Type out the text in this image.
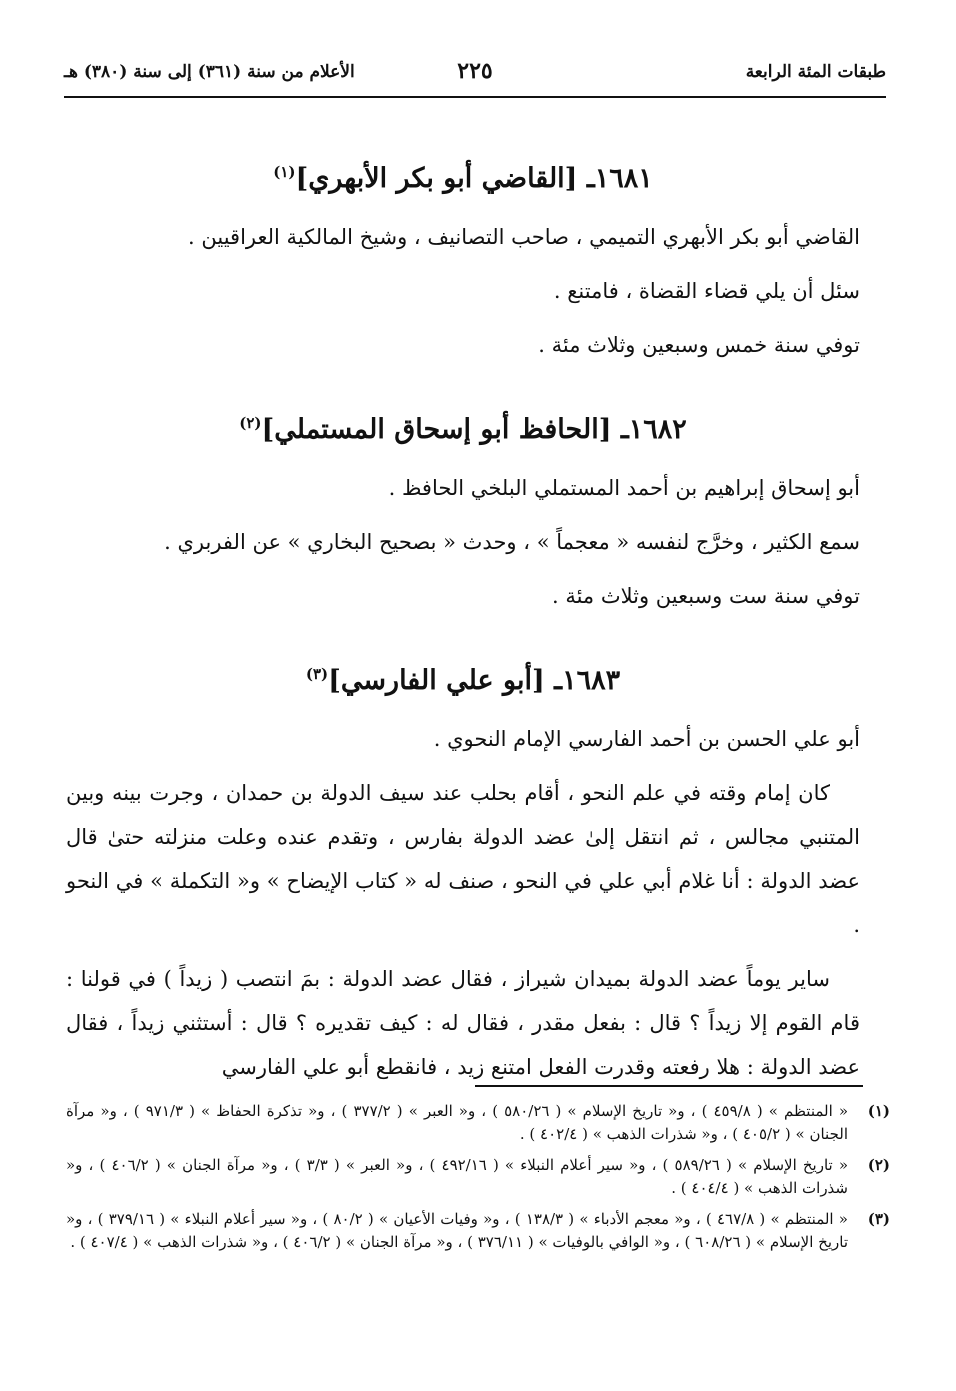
طبقات المئة الرابعة
٢٢٥
الأعلام من سنة (٣٦١) إلى سنة (٣٨٠) هـ
١٦٨١ـ [القاضي أبو بكر الأبهري]$^{(١)}$

القاضي أبو بكر الأبهري التميمي ، صاحب التصانيف ، وشيخ المالكية العراقيين .

سئل أن يلي قضاء القضاة ، فامتنع .

توفي سنة خمس وسبعين وثلاث مئة .

١٦٨٢ـ [الحافظ أبو إسحاق المستملي]$^{(٢)}$

أبو إسحاق إبراهيم بن أحمد المستملي البلخي الحافظ .

سمع الكثير ، وخرَّج لنفسه « معجماً » ، وحدث « بصحيح البخاري » عن الفربري .

توفي سنة ست وسبعين وثلاث مئة .

١٦٨٣ـ [أبو علي الفارسي]$^{(٣)}$

أبو علي الحسن بن أحمد الفارسي الإمام النحوي .

كان إمام وقته في علم النحو ، أقام بحلب عند سيف الدولة بن حمدان ، وجرت بينه وبين المتنبي مجالس ، ثم انتقل إلىٰ عضد الدولة بفارس ، وتقدم عنده وعلت منزلته حتىٰ قال عضد الدولة : أنا غلام أبي علي في النحو ، صنف له « كتاب الإيضاح » و« التكملة » في النحو .

ساير يوماً عضد الدولة بميدان شيراز ، فقال عضد الدولة : بمَ انتصب ( زيداً ) في قولنا : قام القوم إلا زيداً ؟ قال : بفعل مقدر ، فقال له : كيف تقديره ؟ قال : أستثني زيداً ، فقال عضد الدولة : هلا رفعته وقدرت الفعل امتنع زيد ، فانقطع أبو علي الفارسي

(١)
« المنتظم » ( ٤٥٩/٨ ) ، و« تاريخ الإسلام » ( ٥٨٠/٢٦ ) ، و« العبر » ( ٣٧٧/٢ ) ، و« تذكرة الحفاظ » ( ٩٧١/٣ ) ، و« مرآة الجنان » ( ٤٠٥/٢ ) ، و« شذرات الذهب » ( ٤٠٢/٤ ) .
(٢)
« تاريخ الإسلام » ( ٥٨٩/٢٦ ) ، و« سير أعلام النبلاء » ( ٤٩٢/١٦ ) ، و« العبر » ( ٣/٣ ) ، و« مرآة الجنان » ( ٤٠٦/٢ ) ، و« شذرات الذهب » ( ٤٠٤/٤ ) .
(٣)
« المنتظم » ( ٤٦٧/٨ ) ، و« معجم الأدباء » ( ١٣٨/٣ ) ، و« وفيات الأعيان » ( ٨٠/٢ ) ، و« سير أعلام النبلاء » ( ٣٧٩/١٦ ) ، و« تاريخ الإسلام » ( ٦٠٨/٢٦ ) ، و« الوافي بالوفيات » ( ٣٧٦/١١ ) ، و« مرآة الجنان » ( ٤٠٦/٢ ) ، و« شذرات الذهب » ( ٤٠٧/٤ ) .
